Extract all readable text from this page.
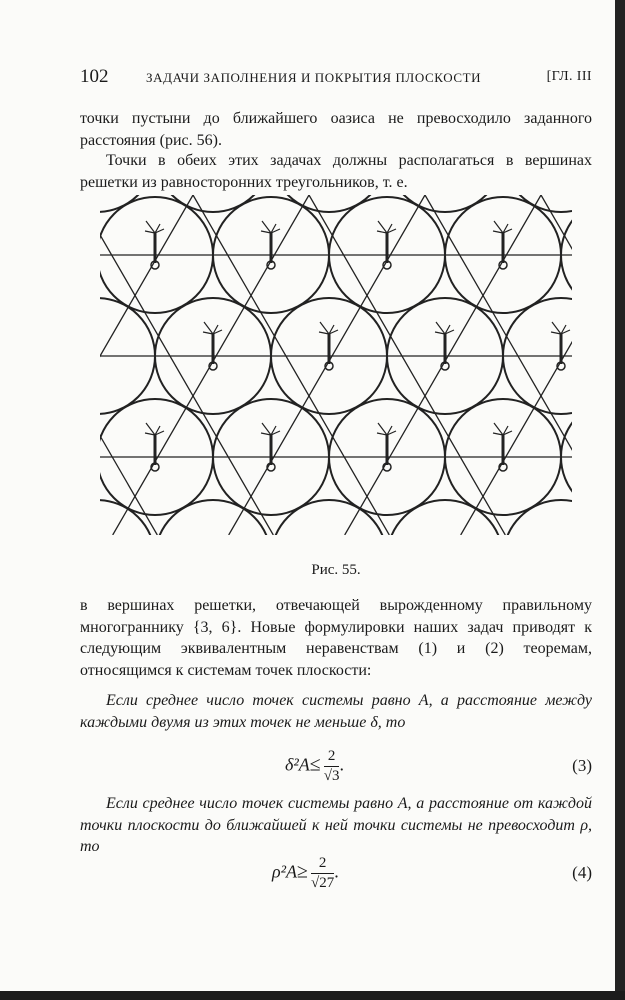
102	ЗАДАЧИ ЗАПОЛНЕНИЯ И ПОКРЫТИЯ ПЛОСКОСТИ	[ГЛ. III

точки пустыни до ближайшего оазиса не превосходило заданного расстояния (рис. 56).

Точки в обеих этих задачах должны располагаться в вершинах решетки из равносторонних треугольников, т. е.

Рис. 55.

в вершинах решетки, отвечающей вырожденному правильному многограннику {3, 6}. Новые формулировки наших задач приводят к следующим эквивалентным неравенствам (1) и (2) теоремам, относящимся к системам точек плоскости:

Если среднее число точек системы равно A, а расстояние между каждыми двумя из этих точек не меньше δ, то

$\delta^2A\le \frac{2}{√3}$ .	(3)

Если среднее число точек системы равно A, а расстояние от каждой точки плоскости до ближайшей к ней точки системы не превосходит ρ, то

$\rho^2A\ge \frac{2}{√27}$ .	(4)
